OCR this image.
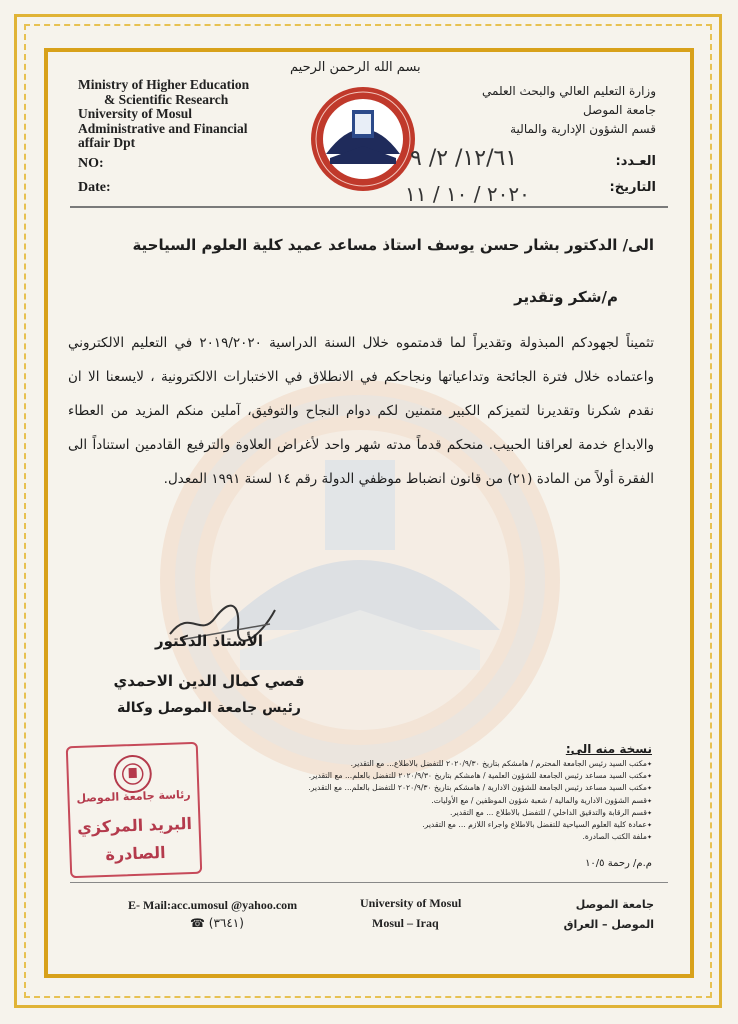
Ministry of Higher Education
& Scientific Research
University of Mosul
Administrative and Financial
affair Dpt
NO:
Date:
بسم الله الرحمن الرحيم
وزارة التعليم العالي والبحث العلمي
جامعة الموصل
قسم الشؤون الإدارية والمالية
العـدد:
التاريخ:
١٢/٦١/ ٢/ ٩
٢٠٢٠ / ١٠ / ١١
الى/ الدكتور بشار حسن يوسف استاذ مساعد عميد كلية العلوم السياحية
م/شكر وتقدير
تثميناً لجهودكم المبذولة وتقديراً لما قدمتموه خلال السنة الدراسية ٢٠١٩/٢٠٢٠ في التعليم الالكتروني واعتماده خلال فترة الجائحة وتداعياتها ونجاحكم في الانطلاق في الاختبارات الالكترونية ، لايسعنا الا ان نقدم شكرنا وتقديرنا لتميزكم الكبير متمنين لكم دوام النجاح والتوفيق، آملين منكم المزيد من العطاء والابداع خدمة لعراقنا الحبيب. منحكم قدماً مدته شهر واحد لأغراض العلاوة والترفيع القادمين استناداً الى الفقرة أولاً من المادة (٢١) من قانون انضباط موظفي الدولة رقم ١٤ لسنة ١٩٩١ المعدل.
الأستاذ الدكتور
قصي كمال الدين الاحمدي
رئيس جامعة الموصل وكالة
رئاسة جامعة الموصل
البريد المركزي
الصادرة
نسخة منه الى:
✦ مكتب السيد رئيس الجامعة المحترم / هامشكم بتاريخ ٢٠٢٠/٩/٣٠ للتفضل بالاطلاع... مع التقدير.
✦ مكتب السيد مساعد رئيس الجامعة للشؤون العلمية / هامشكم بتاريخ ٢٠٢٠/٩/٣٠ للتفضل بالعلم... مع التقدير.
✦ مكتب السيد مساعد رئيس الجامعة للشؤون الادارية / هامشكم بتاريخ ٢٠٢٠/٩/٣٠ للتفضل بالعلم... مع التقدير.
✦ قسم الشؤون الادارية والمالية / شعبة شؤون الموظفين / مع الأوليات.
✦ قسم الرقابة والتدقيق الداخلي / للتفضل بالاطلاع ... مع التقدير.
✦ عمادة كلية العلوم السياحية للتفضل بالاطلاع واجراء اللازم ... مع التقدير.
✦ ملفة الكتب الصادرة.
م.م/ رحمة ١٠/٥
E- Mail:acc.umosul @yahoo.com
☎ (٣٦٤١)
University of Mosul
Mosul – Iraq
جامعة الموصل
الموصل – العراق
